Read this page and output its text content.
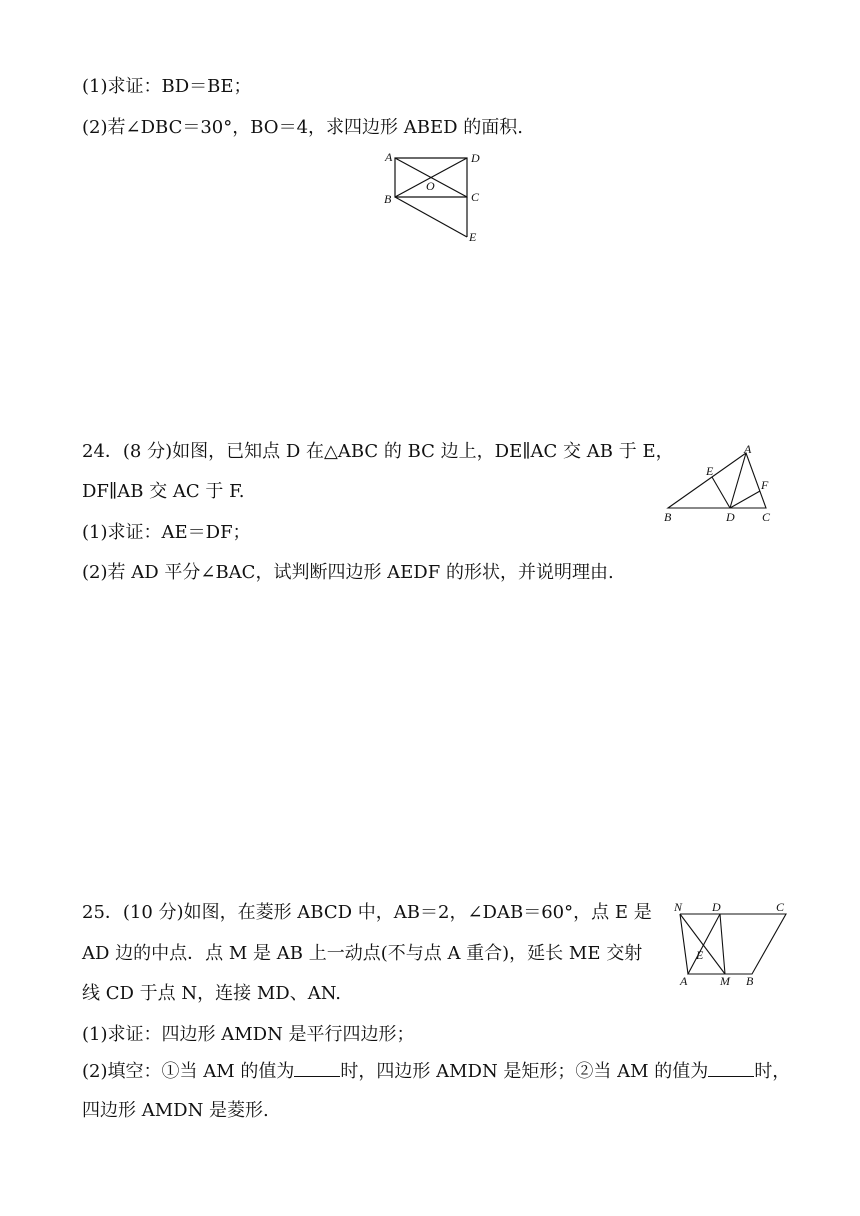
(1)求证：BD＝BE；
(2)若∠DBC＝30°，BO＝4，求四边形 ABED 的面积.
A	D
O
B	C
E
24．(8 分)如图，已知点 D 在△ABC 的 BC 边上，DE∥AC 交 AB 于 E，
DF∥AB 交 AC 于 F.
(1)求证：AE＝DF；
(2)若 AD 平分∠BAC，试判断四边形 AEDF 的形状，并说明理由.
A
E
F
B	D C
25．(10 分)如图，在菱形 ABCD 中，AB＝2，∠DAB＝60°，点 E 是
AD 边的中点．点 M 是 AB 上一动点(不与点 A 重合)，延长 ME 交射
线 CD 于点 N，连接 MD、AN.
(1)求证：四边形 AMDN 是平行四边形；
(2)填空：①当 AM 的值为	时，四边形 AMDN 是矩形；②当 AM 的值为	时，
四边形 AMDN 是菱形.
N D	C
E
A	M B
